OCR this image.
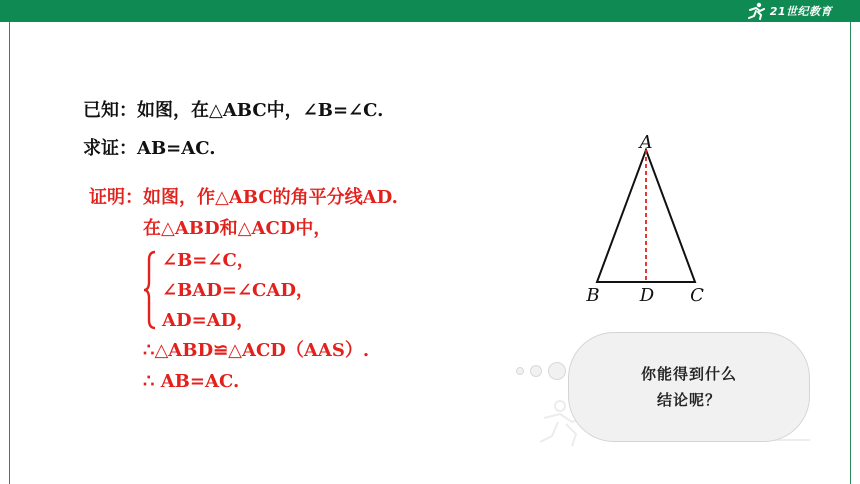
21世纪教育
已知：如图，在△ABC中，∠B=∠C.
求证：AB=AC.
证明： 如图，作△ABC的角平分线AD.
在△ABD和△ACD中，
∠B=∠C，
∠BAD=∠CAD，
AD=AD，
∴△ABD≌△ACD（AAS）.
∴ AB=AC.
A
B D C
你能得到什么
结论呢？
